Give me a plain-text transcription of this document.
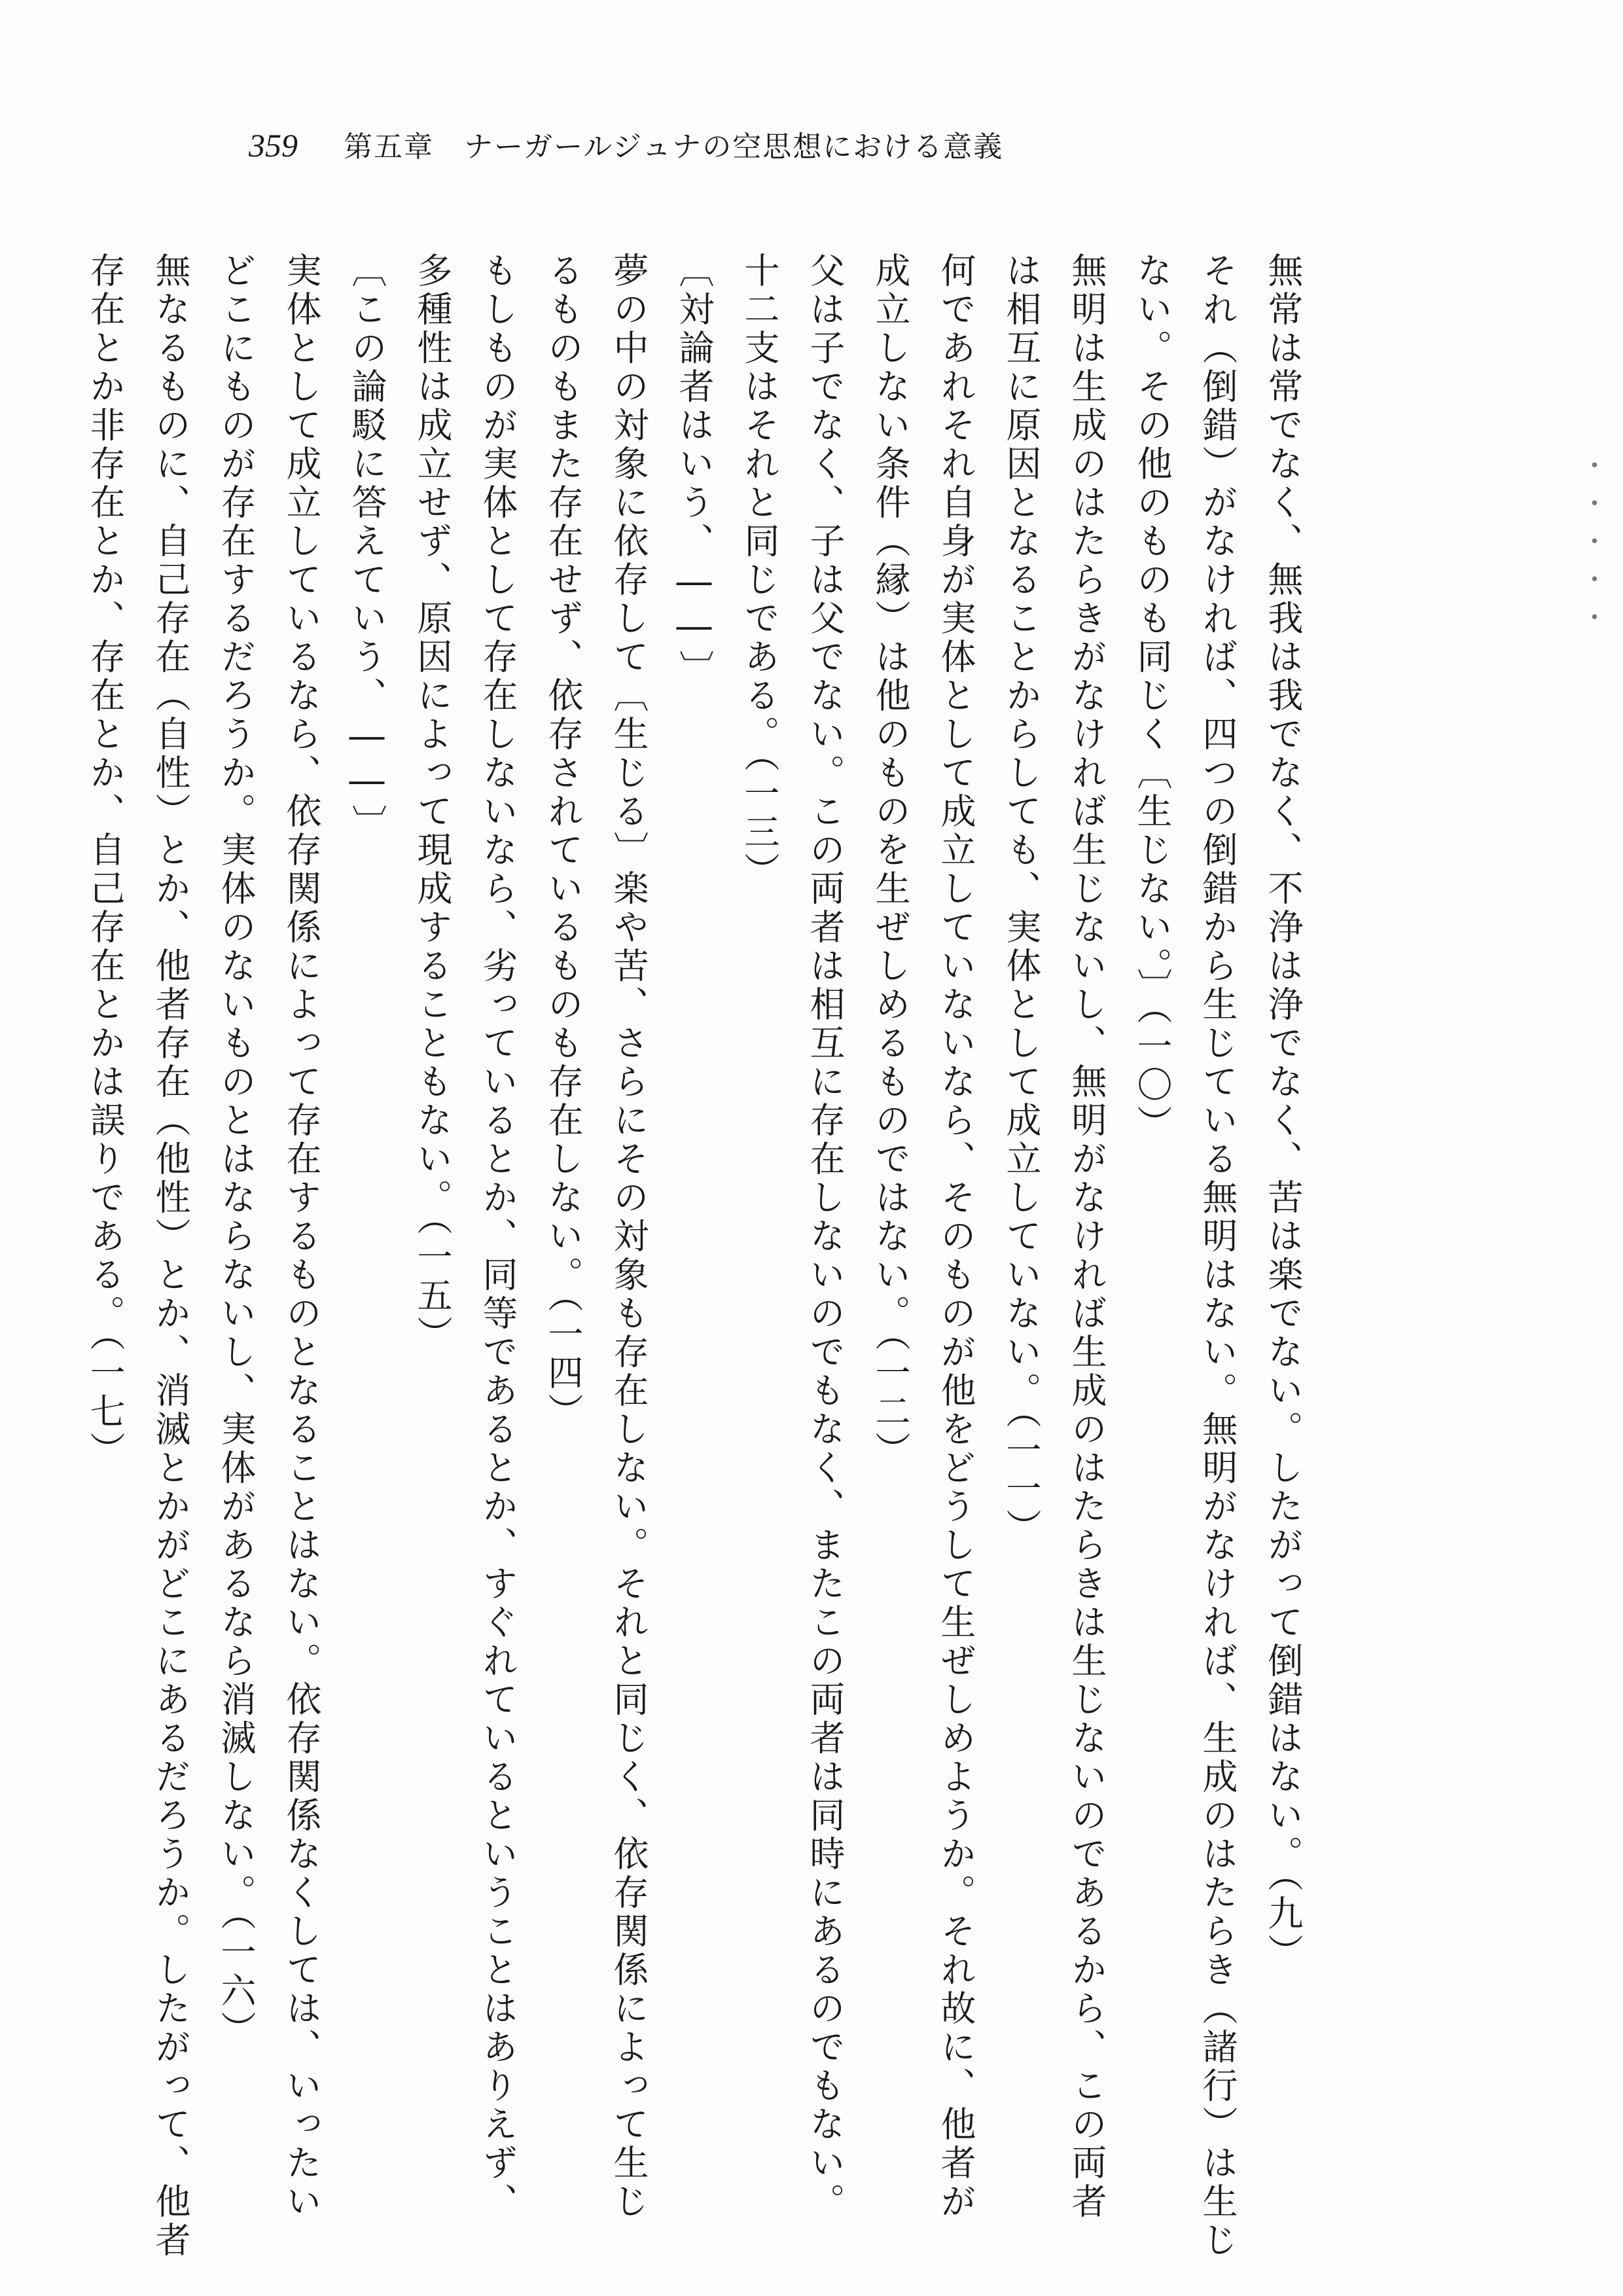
359 第五章　ナーガールジュナの空思想における意義
・・・・・
無常は常でなく、無我は我でなく、不浄は浄でなく、苦は楽でない。したがって倒錯はない。（九）
それ（倒錯）がなければ、四つの倒錯から生じている無明はない。無明がなければ、生成のはたらき（諸行）は生じ
ない。その他のものも同じく〔生じない。〕（一〇）
無明は生成のはたらきがなければ生じないし、無明がなければ生成のはたらきは生じないのであるから、この両者
は相互に原因となることからしても、実体として成立していない。（一一）
何であれそれ自身が実体として成立していないなら、そのものが他をどうして生ぜしめようか。それ故に、他者が
成立しない条件（縁）は他のものを生ぜしめるものではない。（一二）
父は子でなく、子は父でない。この両者は相互に存在しないのでもなく、またこの両者は同時にあるのでもない。
十二支はそれと同じである。（一三）
〔対論者はいう、――〕
夢の中の対象に依存して〔生じる〕楽や苦、さらにその対象も存在しない。それと同じく、依存関係によって生じ
るものもまた存在せず、依存されているものも存在しない。（一四）
もしものが実体として存在しないなら、劣っているとか、同等であるとか、すぐれているということはありえず、
多種性は成立せず、原因によって現成することもない。（一五）
〔この論駁に答えていう、――〕
実体として成立しているなら、依存関係によって存在するものとなることはない。依存関係なくしては、いったい
どこにものが存在するだろうか。実体のないものとはならないし、実体があるなら消滅しない。（一六）
無なるものに、自己存在（自性）とか、他者存在（他性）とか、消滅とかがどこにあるだろうか。したがって、他者
存在とか非存在とか、存在とか、自己存在とかは誤りである。（一七）
